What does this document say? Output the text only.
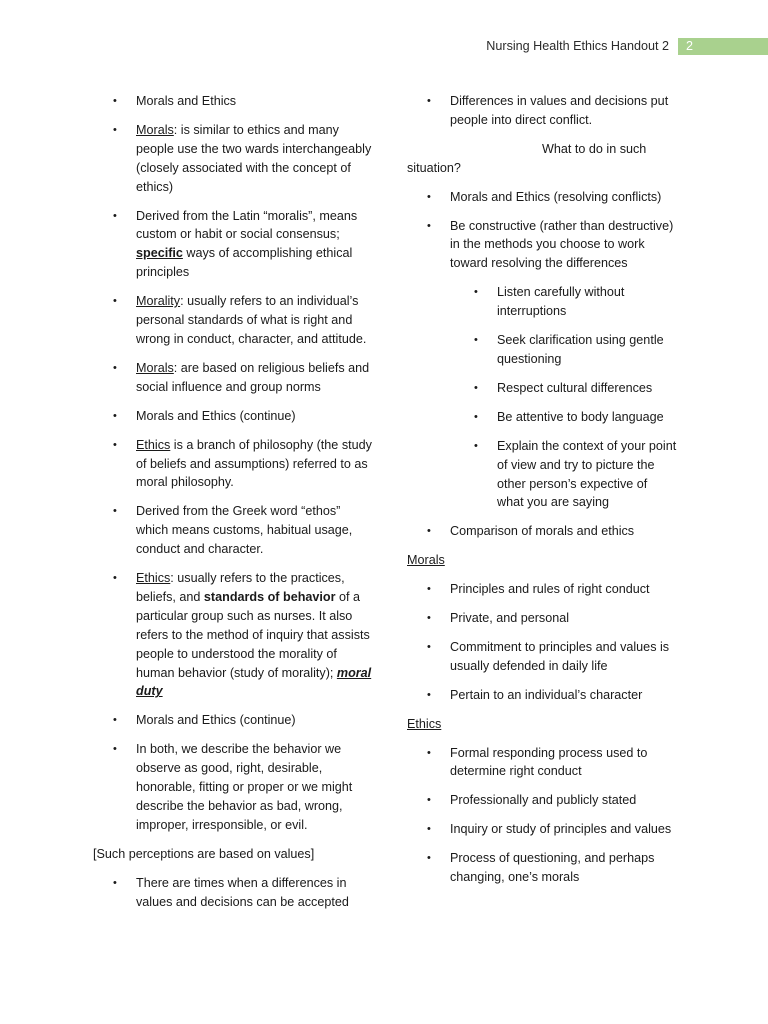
Nursing Health Ethics Handout 2 2
• Morals and Ethics
• Morals: is similar to ethics and many people use the two wards interchangeably (closely associated with the concept of ethics)
• Derived from the Latin “moralis”, means custom or habit or social consensus; specific ways of accomplishing ethical principles
• Morality: usually refers to an individual’s personal standards of what is right and wrong in conduct, character, and attitude.
• Morals: are based on religious beliefs and social influence and group norms
• Morals and Ethics (continue)
• Ethics is a branch of philosophy (the study of beliefs and assumptions) referred to as moral philosophy.
• Derived from the Greek word “ethos” which means customs, habitual usage, conduct and character.
• Ethics: usually refers to the practices, beliefs, and standards of behavior of a particular group such as nurses. It also refers to the method of inquiry that assists people to understood the morality of human behavior (study of morality); moral duty
• Morals and Ethics (continue)
• In both, we describe the behavior we observe as good, right, desirable, honorable, fitting or proper or we might describe the behavior as bad, wrong, improper, irresponsible, or evil.
[Such perceptions are based on values]
• There are times when a differences in values and decisions can be accepted
• Differences in values and decisions put people into direct conflict.
What to do in such situation?
• Morals and Ethics (resolving conflicts)
• Be constructive (rather than destructive) in the methods you choose to work toward resolving the differences
• Listen carefully without interruptions
• Seek clarification using gentle questioning
• Respect cultural differences
• Be attentive to body language
• Explain the context of your point of view and try to picture the other person’s expective of what you are saying
• Comparison of morals and ethics
Morals
• Principles and rules of right conduct
• Private, and personal
• Commitment to principles and values is usually defended in daily life
• Pertain to an individual’s character
Ethics
• Formal responding process used to determine right conduct
• Professionally and publicly stated
• Inquiry or study of principles and values
• Process of questioning, and perhaps changing, one’s morals
